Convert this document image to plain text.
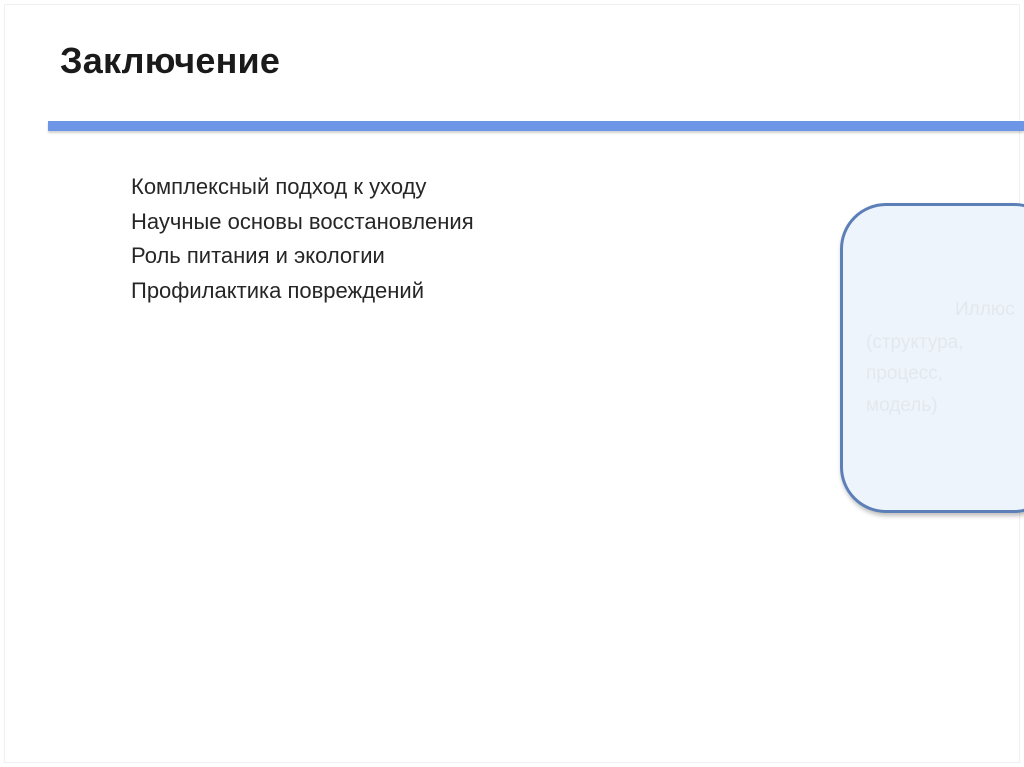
Заключение
Комплексный подход к уходу
Научные основы восстановления
Роль питания и экологии
Профилактика повреждений
Иллюс
(структура,
процесс,
модель)
